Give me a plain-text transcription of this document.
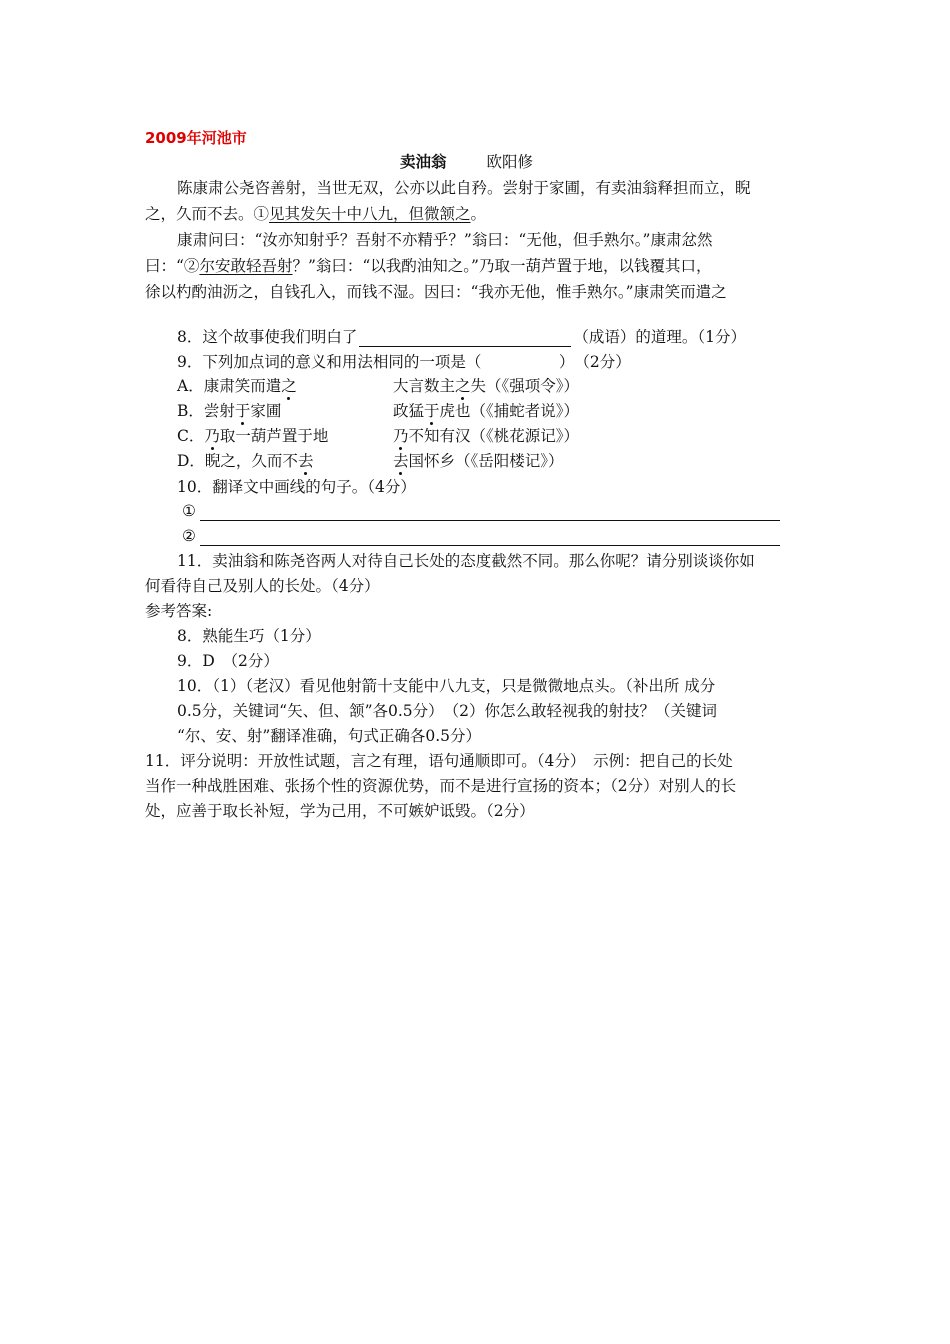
2009年河池市
卖油翁	欧阳修
陈康肃公尧咨善射，当世无双，公亦以此自矜。尝射于家圃，有卖油翁释担而立，睨
之，久而不去。①见其发矢十中八九，但微颔之。
康肃问曰：“汝亦知射乎？吾射不亦精乎？”翁曰：“无他，但手熟尔。”康肃忿然
曰：“②尔安敢轻吾射？”翁曰：“以我酌油知之。”乃取一葫芦置于地，以钱覆其口，
徐以杓酌油沥之，自钱孔入，而钱不湿。因曰：“我亦无他，惟手熟尔。”康肃笑而遣之
8．这个故事使我们明白了	（成语）的道理。（1分）
9．下列加点词的意义和用法相同的一项是（　　　　　）　（2分）
A．康肃笑而遣之	大言数主之失（《强项令》）
B．尝射于家圃	政猛于虎也（《捕蛇者说》）
C．乃取一葫芦置于地	乃不知有汉（《桃花源记》）
D．睨之，久而不去	去国怀乡（《岳阳楼记》）
10．翻译文中画线的句子。（4分）
①
②
11．卖油翁和陈尧咨两人对待自己长处的态度截然不同。那么你呢？请分别谈谈你如
何看待自己及别人的长处。（4分）
参考答案:
8．熟能生巧（1分）
9．D　（2分）
10．（1）（老汉）看见他射箭十支能中八九支，只是微微地点头。（补出所 成分
0.5分，关键词“矢、但、颔”各0.5分）　（2）你怎么敢轻视我的射技？（关键词
“尔、安、射”翻译准确，句式正确各0.5分）
11．评分说明：开放性试题，言之有理，语句通顺即可。（4分）　示例：把自己的长处
当作一种战胜困难、张扬个性的资源优势，而不是进行宣扬的资本；（2分）对别人的长
处，应善于取长补短，学为己用，不可嫉妒诋毁。（2分）
